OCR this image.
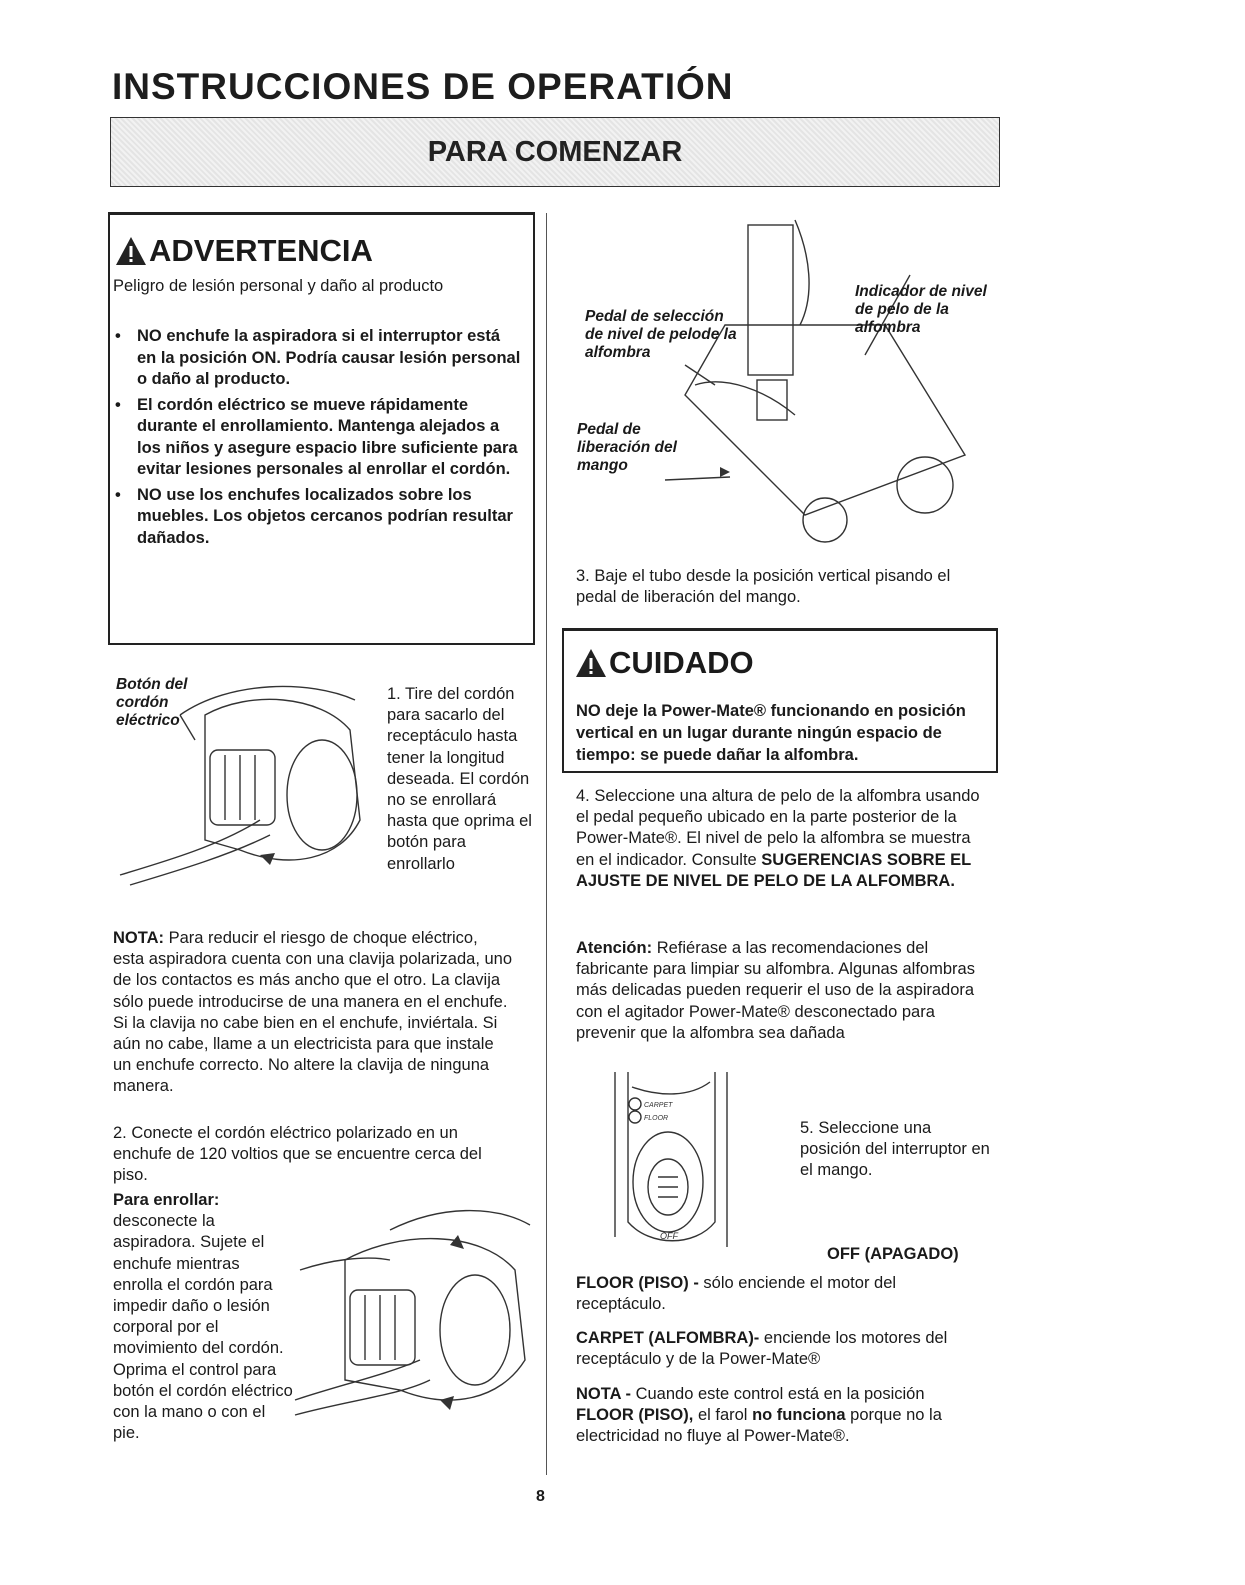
INSTRUCCIONES DE OPERATIÓN
PARA COMENZAR
ADVERTENCIA
Peligro de lesión personal y daño al producto
• NO enchufe la aspiradora si el interruptor está en la posición ON. Podría causar lesión personal o daño al producto.
• El cordón eléctrico se mueve rápidamente durante el enrollamiento. Mantenga alejados a los niños y asegure espacio libre suficiente para evitar lesiones personales al enrollar el cordón.
• NO use los enchufes localizados sobre los muebles. Los objetos cercanos podrían resultar dañados.
Botón del cordón eléctrico
1. Tire del cordón para sacarlo del receptáculo hasta tener la longitud deseada. El cordón no se enrollará hasta que oprima el botón para enrollarlo
NOTA: Para reducir el riesgo de choque eléctrico, esta aspiradora cuenta con una clavija polarizada, uno de los contactos es más ancho que el otro. La clavija sólo puede introducirse de una manera en el enchufe. Si la clavija no cabe bien en el enchufe, inviértala. Si aún no cabe, llame a un electricista para que instale un enchufe correcto. No altere la clavija de ninguna manera.
2. Conecte el cordón eléctrico polarizado en un enchufe de 120 voltios que se encuentre cerca del piso.
Para enrollar: desconecte la aspiradora. Sujete el enchufe mientras enrolla el cordón para impedir daño o lesión corporal por el movimiento del cordón. Oprima el control para botón el cordón eléctrico con la mano o con el pie.
Pedal de selección de nivel de pelode la alfombra
Indicador de nivel de pelo de la alfombra
Pedal de liberación del mango
3. Baje el tubo desde la posición vertical pisando el pedal de liberación del mango.
CUIDADO
NO deje la Power-Mate® funcionando en posición vertical en un lugar durante ningún espacio de tiempo: se puede dañar la alfombra.
4. Seleccione una altura de pelo de la alfombra usando el pedal pequeño ubicado en la parte posterior de la Power-Mate®. El nivel de pelo la alfombra se muestra en el indicador. Consulte SUGERENCIAS SOBRE EL AJUSTE DE NIVEL DE PELO DE LA ALFOMBRA.
Atención: Refiérase a las recomendaciones del fabricante para limpiar su alfombra. Algunas alfombras más delicadas pueden requerir el uso de la aspiradora con el agitador Power-Mate® desconectado para prevenir que la alfombra sea dañada
CARPET
FLOOR
OFF
5. Seleccione una posición del interruptor en el mango.
OFF (APAGADO)
FLOOR (PISO) - sólo enciende el motor del receptáculo.
CARPET (ALFOMBRA)- enciende los motores del receptáculo y de la Power-Mate®
NOTA - Cuando este control está en la posición FLOOR (PISO), el farol no funciona porque no la electricidad no fluye al Power-Mate®.
8
